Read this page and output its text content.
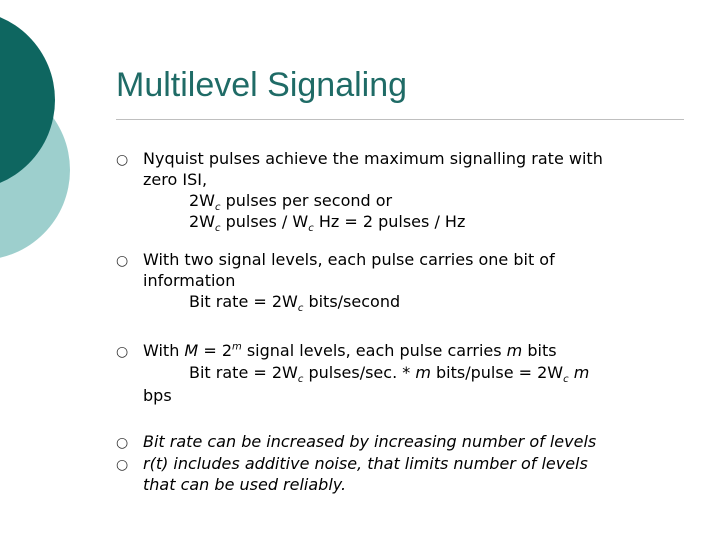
Multilevel Signaling
○ Nyquist pulses achieve the maximum signalling rate with
zero ISI,
$2W_c$ pulses per second or
$2W_c$ pulses / $W_c$ Hz = 2 pulses / Hz
○ With two signal levels, each pulse carries one bit of
information
Bit rate = $2W_c$ bits/second
○ With $M = 2^m$ signal levels, each pulse carries m bits
Bit rate = $2W_c$ pulses/sec. * m bits/pulse = $2W_c$ m
bps
○ Bit rate can be increased by increasing number of levels
○ r(t) includes additive noise, that limits number of levels
that can be used reliably.
